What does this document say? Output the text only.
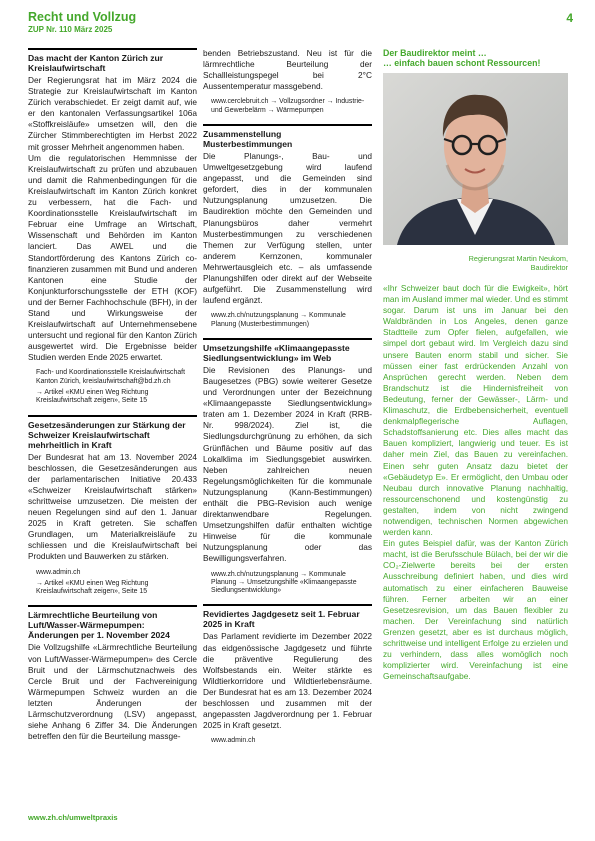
Recht und Vollzug
ZUP Nr. 110 März 2025
4
Das macht der Kanton Zürich zur Kreislaufwirtschaft
Der Regierungsrat hat im März 2024 die Strategie zur Kreislaufwirtschaft im Kanton Zürich verabschiedet. Er zeigt damit auf, wie er den kantonalen Verfassungsartikel 106a «Stoffkreisläufe» umsetzen will, den die Zürcher Stimmberechtigten im Herbst 2022 mit grosser Mehrheit angenommen haben.
Um die regulatorischen Hemmnisse der Kreislaufwirtschaft zu prüfen und abzubauen und damit die Rahmenbedingungen für die Kreislaufwirtschaft im Kanton Zürich konkret zu verbessern, hat die Fach- und Koordinationsstelle Kreislaufwirtschaft im Februar eine Umfrage an Wirtschaft, Wissenschaft und Behörden im Kanton lanciert. Das AWEL und die Standortförderung des Kantons Zürich co-finanzieren zusammen mit Bund und anderen Kantonen eine Studie der Konjunkturforschungsstelle der ETH (KOF) und der Berner Fachhochschule (BFH), in der Stand und Wirkungsweise der Kreislaufwirtschaft auf Unternehmensebene untersucht und regional für den Kanton Zürich ausgewertet wird. Die Ergebnisse beider Studien werden Ende 2025 erwartet.
Fach- und Koordinationsstelle Kreislaufwirtschaft Kanton Zürich, kreislaufwirtschaft@bd.zh.ch
→ Artikel «KMU einen Weg Richtung Kreislaufwirtschaft zeigen», Seite 15
Gesetzesänderungen zur Stärkung der Schweizer Kreislaufwirtschaft mehrheitlich in Kraft
Der Bundesrat hat am 13. November 2024 beschlossen, die Gesetzesänderungen aus der parlamentarischen Initiative 20.433 «Schweizer Kreislaufwirtschaft stärken» schrittweise umzusetzen. Die meisten der neuen Regelungen sind auf den 1. Januar 2025 in Kraft getreten. Sie schaffen Grundlagen, um Materialkreisläufe zu schliessen und die Kreislaufwirtschaft bei Produkten und Bauwerken zu stärken.
www.admin.ch
→ Artikel «KMU einen Weg Richtung Kreislaufwirtschaft zeigen», Seite 15
Lärmrechtliche Beurteilung von Luft/Wasser-Wärmepumpen: Änderungen per 1. November 2024
Die Vollzugshilfe «Lärmrechtliche Beurteilung von Luft/Wasser-Wärmepumpen» des Cercle Bruit und der Lärmschutznachweis des Cercle Bruit und der Fachvereinigung Wärmepumpen Schweiz wurden an die letzten Änderungen der Lärmschutzverordnung (LSV) angepasst, siehe Anhang 6 Ziffer 34. Die Änderungen betreffen den für die Beurteilung massge-
benden Betriebszustand. Neu ist für die lärmrechtliche Beurteilung der Schallleistungspegel bei 2°C Aussentemperatur massgebend.
www.cerclebruit.ch → Vollzugsordner → Industrie- und Gewerbelärm → Wärmepumpen
Zusammenstellung Musterbestimmungen
Die Planungs-, Bau- und Umweltgesetzgebung wird laufend angepasst, und die Gemeinden sind gefordert, dies in der kommunalen Nutzungsplanung umzusetzen. Die Baudirektion möchte den Gemeinden und Planungsbüros daher vermehrt Musterbestimmungen zu verschiedenen Themen zur Verfügung stellen, unter anderem Kernzonen, kommunaler Mehrwertausgleich etc. – als umfassende Planungshilfen oder direkt auf der Webseite aufgeführt. Die Zusammenstellung wird laufend ergänzt.
www.zh.ch/nutzungsplanung → Kommunale Planung (Musterbestimmungen)
Umsetzungshilfe «Klimaangepasste Siedlungsentwicklung» im Web
Die Revisionen des Planungs- und Baugesetzes (PBG) sowie weiterer Gesetze und Verordnungen unter der Bezeichnung «Klimaangepasste Siedlungsentwicklung» traten am 1. Dezember 2024 in Kraft (RRB-Nr. 998/2024). Ziel ist, die Siedlungsdurchgrünung zu erhöhen, da sich Grünflächen und Bäume positiv auf das Lokalklima im Siedlungsgebiet auswirken. Neben zahlreichen neuen Regelungsmöglichkeiten für die kommunale Nutzungsplanung (Kann-Bestimmungen) enthält die PBG-Revision auch wenige direktanwendbare Regelungen. Umsetzungshilfen dafür enthalten wichtige Hinweise für die kommunale Nutzungsplanung oder das Bewilligungsverfahren.
www.zh.ch/nutzungsplanung → Kommunale Planung → Umsetzungshilfe «Klimaangepasste Siedlungsentwicklung»
Revidiertes Jagdgesetz seit 1. Februar 2025 in Kraft
Das Parlament revidierte im Dezember 2022 das eidgenössische Jagdgesetz und führte die präventive Regulierung des Wolfsbestands ein. Weiter stärkte es Wildtierkorridore und Wildtierlebensräume. Der Bundesrat hat es am 13. Dezember 2024 beschlossen und zusammen mit der angepassten Jagdverordnung per 1. Februar 2025 in Kraft gesetzt.
www.admin.ch
Der Baudirektor meint …
… einfach bauen schont Ressourcen!
Regierungsrat Martin Neukom,
Baudirektor
«Ihr Schweizer baut doch für die Ewigkeit», hört man im Ausland immer mal wieder. Und es stimmt sogar. Darum ist uns im Januar bei den Waldbränden in Los Angeles, denen ganze Stadtteile zum Opfer fielen, aufgefallen, wie simpel dort gebaut wird. Im Vergleich dazu sind unsere Bauten enorm stabil und sicher. Sie müssen einer fast erdrückenden Anzahl von Ansprüchen gerecht werden. Neben dem Brandschutz ist die Hindernisfreiheit von Bedeutung, ferner der Gewässer-, Lärm- und Klimaschutz, die Erdbebensicherheit, eventuell denkmalpflegerische Auflagen, Schadstoffsanierung etc. Dies alles macht das Bauen kompliziert, langwierig und teuer. Es ist daher mein Ziel, das Bauen zu vereinfachen. Einen sehr guten Ansatz dazu bietet der «Gebäudetyp E». Er ermöglicht, den Umbau oder Neubau durch innovative Planung nachhaltig, ressourcenschonend und kostengünstig zu gestalten, indem von nicht zwingend notwendigen, technischen Normen abgewichen werden kann.
Ein gutes Beispiel dafür, was der Kanton Zürich macht, ist die Berufsschule Bülach, bei der wir die CO₂-Zielwerte bereits bei der ersten Ausschreibung definiert haben, und dies wird automatisch zu einer einfacheren Bauweise führen. Ferner arbeiten wir an einer Gesetzesrevision, um das Bauen flexibler zu machen. Der Vereinfachung sind natürlich Grenzen gesetzt, aber es ist durchaus möglich, schrittweise und intelligent Erfolge zu erzielen und zu verhindern, dass alles womöglich noch komplizierter wird. Vereinfachung ist eine Gemeinschaftsaufgabe.
www.zh.ch/umweltpraxis
